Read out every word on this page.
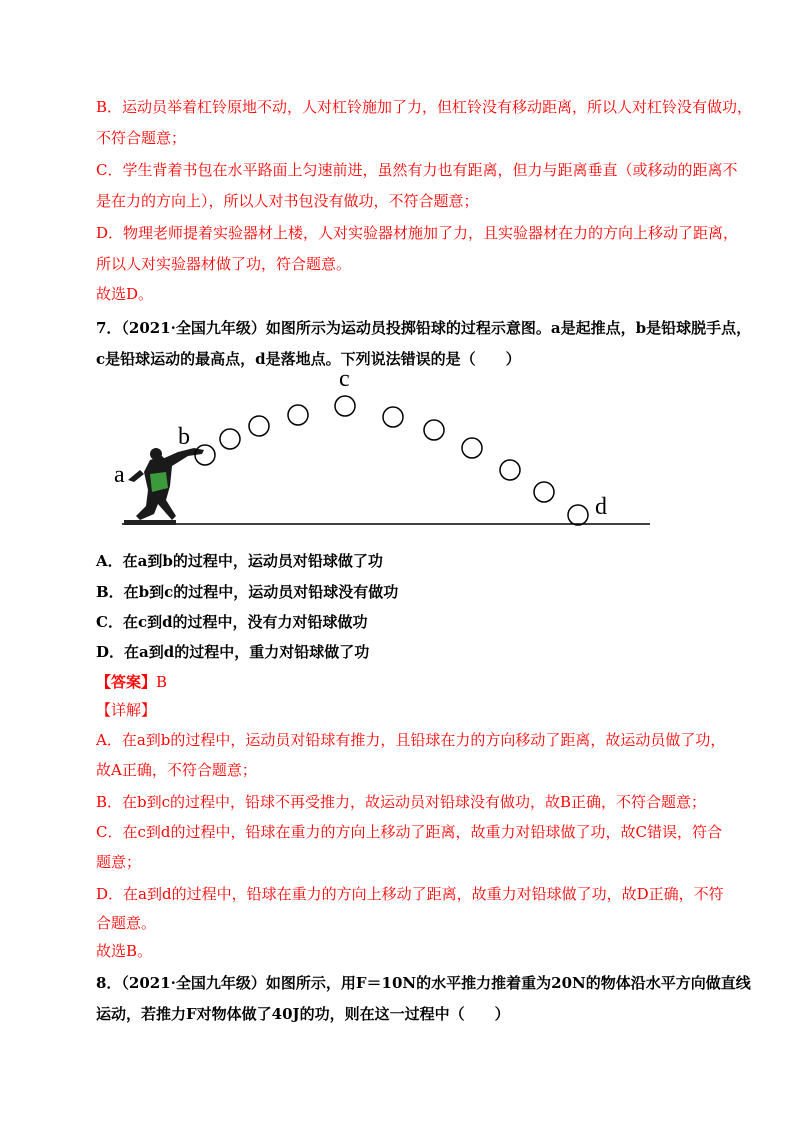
B．运动员举着杠铃原地不动，人对杠铃施加了力，但杠铃没有移动距离，所以人对杠铃没有做功，
不符合题意；
C．学生背着书包在水平路面上匀速前进，虽然有力也有距离，但力与距离垂直（或移动的距离不
是在力的方向上），所以人对书包没有做功，不符合题意；
D．物理老师提着实验器材上楼，人对实验器材施加了力，且实验器材在力的方向上移动了距离，
所以人对实验器材做了功，符合题意。
故选D。
7．（2021·全国九年级）如图所示为运动员投掷铅球的过程示意图。a是起推点，b是铅球脱手点，
c是铅球运动的最高点，d是落地点。下列说法错误的是（　　）
a
b
c
d
A．在a到b的过程中，运动员对铅球做了功
B．在b到c的过程中，运动员对铅球没有做功
C．在c到d的过程中，没有力对铅球做功
D．在a到d的过程中，重力对铅球做了功
【答案】B
【详解】
A．在a到b的过程中，运动员对铅球有推力，且铅球在力的方向移动了距离，故运动员做了功，
故A正确，不符合题意；
B．在b到c的过程中，铅球不再受推力，故运动员对铅球没有做功，故B正确，不符合题意；
C．在c到d的过程中，铅球在重力的方向上移动了距离，故重力对铅球做了功，故C错误，符合
题意；
D．在a到d的过程中，铅球在重力的方向上移动了距离，故重力对铅球做了功，故D正确，不符
合题意。
故选B。
8．（2021·全国九年级）如图所示，用F＝10N的水平推力推着重为20N的物体沿水平方向做直线
运动，若推力F对物体做了40J的功，则在这一过程中（　　）
